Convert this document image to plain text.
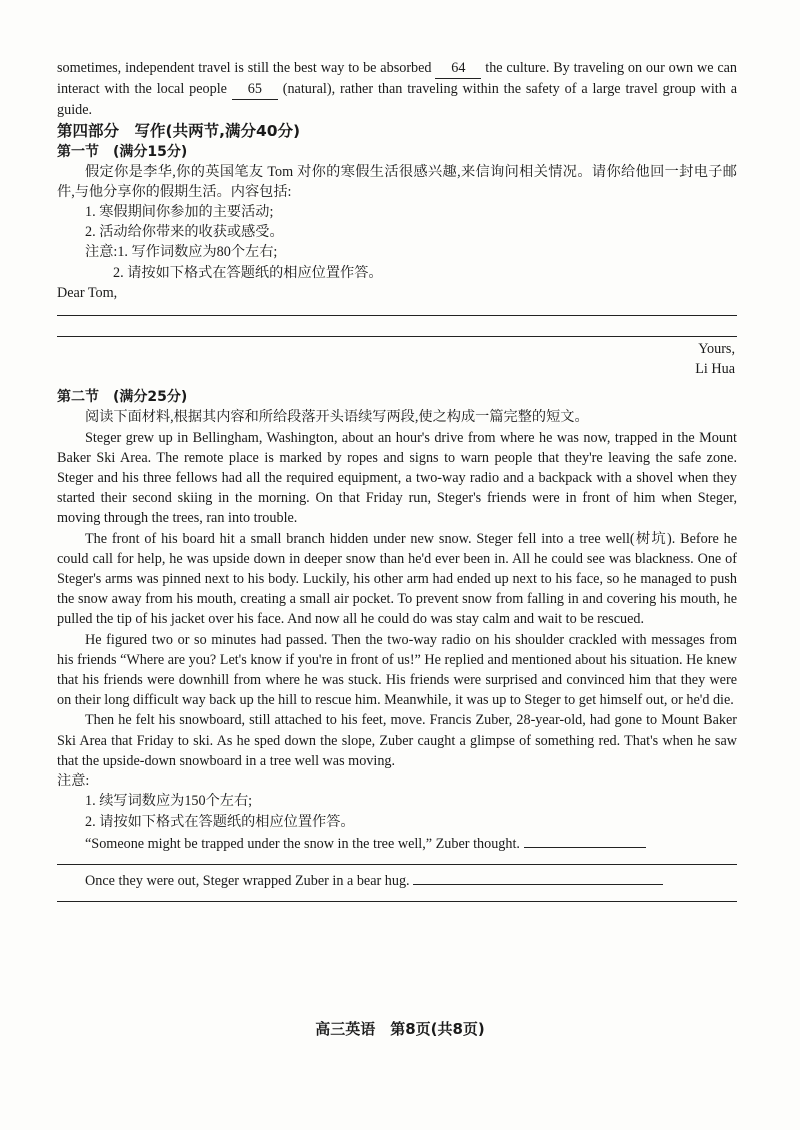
sometimes, independent travel is still the best way to be absorbed 64 the culture. By traveling on our own we can interact with the local people 65 (natural), rather than traveling within the safety of a large travel group with a guide.

第四部分　写作(共两节,满分40分)
第一节　(满分15分)

假定你是李华,你的英国笔友 Tom 对你的寒假生活很感兴趣,来信询问相关情况。请你给他回一封电子邮件,与他分享你的假期生活。内容包括:

1. 寒假期间你参加的主要活动;

2. 活动给你带来的收获或感受。

注意:1. 写作词数应为80个左右;

2. 请按如下格式在答题纸的相应位置作答。

Dear Tom,

Yours,

Li Hua

第二节　(满分25分)

阅读下面材料,根据其内容和所给段落开头语续写两段,使之构成一篇完整的短文。

Steger grew up in Bellingham, Washington, about an hour's drive from where he was now, trapped in the Mount Baker Ski Area. The remote place is marked by ropes and signs to warn people that they're leaving the safe zone. Steger and his three fellows had all the required equipment, a two-way radio and a backpack with a shovel when they started their second skiing in the morning. On that Friday run, Steger's friends were in front of him when Steger, moving through the trees, ran into trouble.

The front of his board hit a small branch hidden under new snow. Steger fell into a tree well(树坑). Before he could call for help, he was upside down in deeper snow than he'd ever been in. All he could see was blackness. One of Steger's arms was pinned next to his body. Luckily, his other arm had ended up next to his face, so he managed to push the snow away from his mouth, creating a small air pocket. To prevent snow from falling in and covering his mouth, he pulled the tip of his jacket over his face. And now all he could do was stay calm and wait to be rescued.

He figured two or so minutes had passed. Then the two-way radio on his shoulder crackled with messages from his friends “Where are you? Let's know if you're in front of us!” He replied and mentioned about his situation. He knew that his friends were downhill from where he was stuck. His friends were surprised and convinced him that they were on their long difficult way back up the hill to rescue him. Meanwhile, it was up to Steger to get himself out, or he'd die.

Then he felt his snowboard, still attached to his feet, move. Francis Zuber, 28-year-old, had gone to Mount Baker Ski Area that Friday to ski. As he sped down the slope, Zuber caught a glimpse of something red. That's when he saw that the upside-down snowboard in a tree well was moving.

注意:

1. 续写词数应为150个左右;

2. 请按如下格式在答题纸的相应位置作答。

“Someone might be trapped under the snow in the tree well,” Zuber thought.

Once they were out, Steger wrapped Zuber in a bear hug.

高三英语　第8页(共8页)
